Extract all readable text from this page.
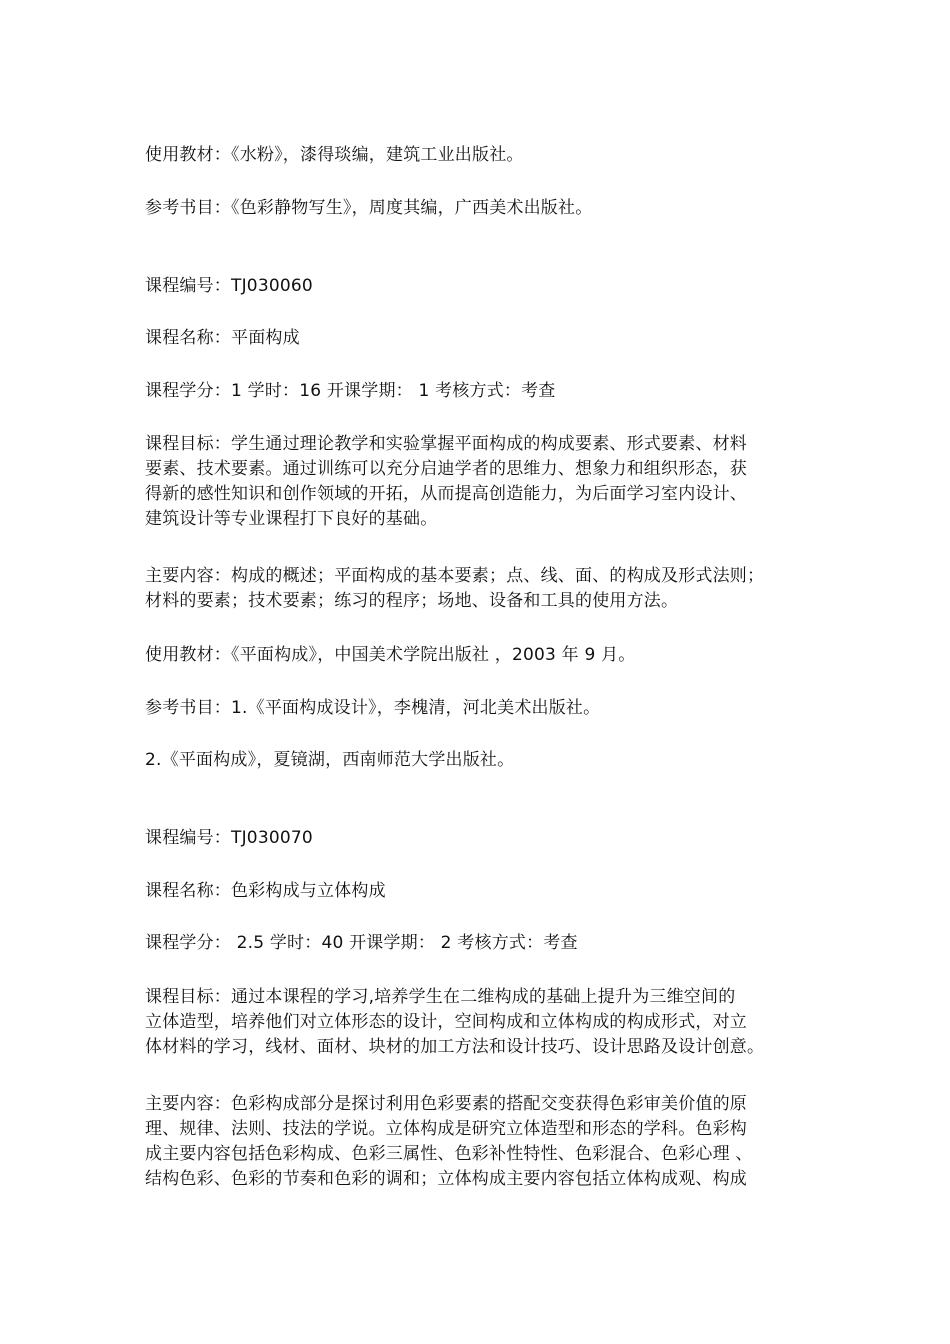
使用教材：《水粉》，漆得琰编，建筑工业出版社。
参考书目：《色彩静物写生》，周度其编，广西美术出版社。
课程编号：TJ030060
课程名称：平面构成
课程学分：1 学时：16 开课学期： 1 考核方式：考查
课程目标：学生通过理论教学和实验掌握平面构成的构成要素、形式要素、材料
要素、技术要素。通过训练可以充分启迪学者的思维力、想象力和组织形态，获
得新的感性知识和创作领域的开拓，从而提高创造能力，为后面学习室内设计、
建筑设计等专业课程打下良好的基础。
主要内容：构成的概述；平面构成的基本要素；点、线、面、的构成及形式法则；
材料的要素；技术要素；练习的程序；场地、设备和工具的使用方法。
使用教材：《平面构成》，中国美术学院出版社 ，2003 年 9 月。
参考书目：1.《平面构成设计》，李槐清，河北美术出版社。
2.《平面构成》，夏镜湖，西南师范大学出版社。
课程编号：TJ030070
课程名称：色彩构成与立体构成
课程学分： 2.5 学时：40 开课学期： 2 考核方式：考查
课程目标：通过本课程的学习,培养学生在二维构成的基础上提升为三维空间的
立体造型，培养他们对立体形态的设计，空间构成和立体构成的构成形式，对立
体材料的学习，线材、面材、块材的加工方法和设计技巧、设计思路及设计创意。
主要内容：色彩构成部分是探讨利用色彩要素的搭配交变获得色彩审美价值的原
理、规律、法则、技法的学说。立体构成是研究立体造型和形态的学科。色彩构
成主要内容包括色彩构成、色彩三属性、色彩补性特性、色彩混合、色彩心理 、
结构色彩、色彩的节奏和色彩的调和；立体构成主要内容包括立体构成观、构成
